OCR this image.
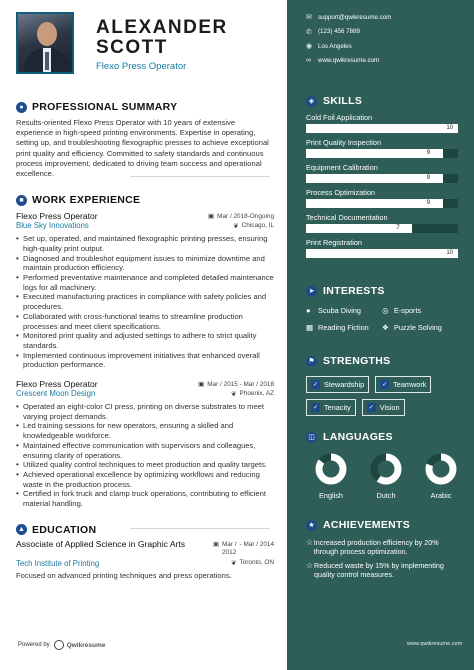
ALEXANDER
SCOTT
Flexo Press Operator
● PROFESSIONAL SUMMARY
Results-oriented Flexo Press Operator with 10 years of extensive experience in high-speed printing environments. Expertise in operating, setting up, and troubleshooting flexographic presses to achieve exceptional print quality and efficiency. Committed to safety standards and continuous process improvement, dedicated to driving team success and operational excellence.
■ WORK EXPERIENCE
Flexo Press Operator	▣ Mar / 2018-Ongoing
Blue Sky Innovations	❦ Chicago, IL
• Set up, operated, and maintained flexographic printing presses, ensuring high-quality print output.
• Diagnosed and troubleshot equipment issues to minimize downtime and maintain production efficiency.
• Performed preventative maintenance and completed detailed maintenance logs for all machinery.
• Executed manufacturing practices in compliance with safety policies and procedures.
• Collaborated with cross-functional teams to streamline production processes and meet client specifications.
• Monitored print quality and adjusted settings to adhere to strict quality standards.
• Implemented continuous improvement initiatives that enhanced overall production performance.
Flexo Press Operator	▣ Mar / 2015 - Mar / 2018
Crescent Moon Design	❦ Phoenix, AZ
• Operated an eight-color CI press, printing on diverse substrates to meet varying project demands.
• Led training sessions for new operators, ensuring a skilled and knowledgeable workforce.
• Maintained effective communication with supervisors and colleagues, ensuring clarity of operations.
• Utilized quality control techniques to meet production and quality targets.
• Achieved operational excellence by optimizing workflows and reducing waste in the production process.
• Certified in fork truck and clamp truck operations, contributing to efficient material handling.
▲ EDUCATION
Associate of Applied Science in Graphic Arts	▣ Mar /
2012
- Mar / 2014
Tech Institute of Printing	❦ Toronto, ON
Focused on advanced printing techniques and press operations.
Powered by	Qwikresume
✉ support@qwikresume.com
✆ (123) 456 7889
◉ Los Angeles
∞	www.qwikresume.com
◈ SKILLS
Cold Foil Application
10
Print Quality Inspection
9
Equipment Calibration
9
Process Optimization
9
Technical Documentation
7
Print Registration
10
➤ INTERESTS
●	Scuba Diving	◎ E-sports
▦ Reading Fiction ❖ Puzzle Solving
⚑ STRENGTHS
✓ Stewardship	✓ Teamwork
✓ Tenacity	✓ Vision
◫ LANGUAGES
English	Dutch	Arabic
★ ACHIEVEMENTS
☆ Increased production efficiency by 20% through process optimization.
☆ Reduced waste by 15% by implementing quality control measures.
www.qwikresume.com
